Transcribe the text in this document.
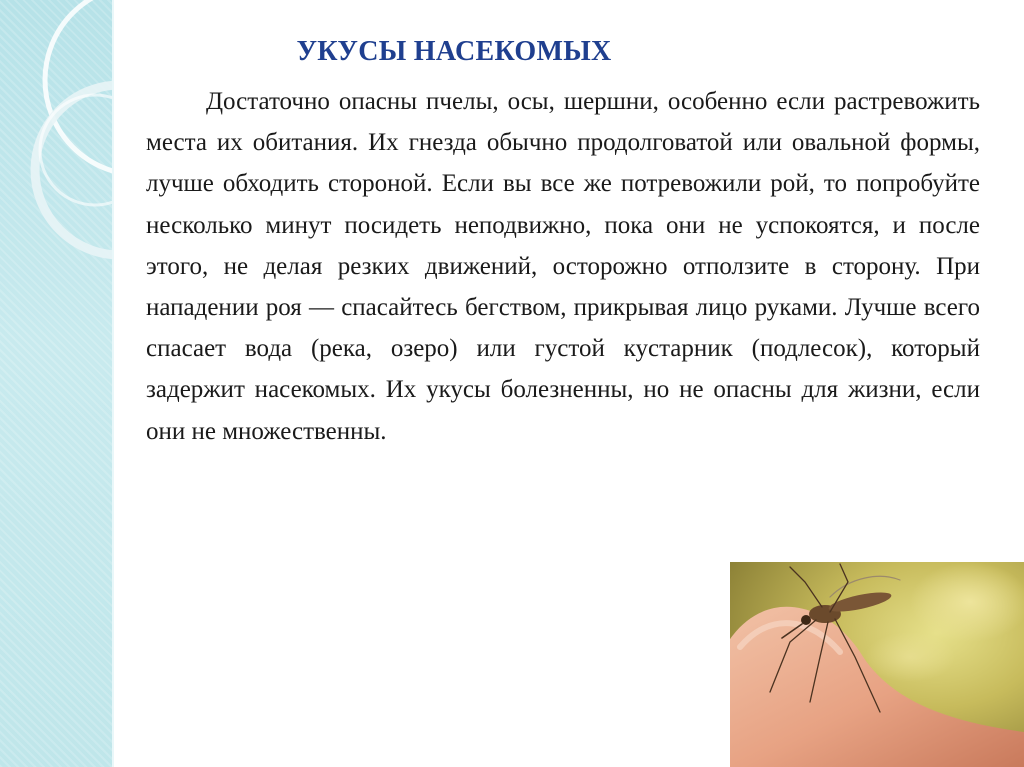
УКУСЫ НАСЕКОМЫХ

Достаточно опасны пчелы, осы, шершни, особенно если растревожить места их обитания. Их гнезда обычно продолговатой или овальной формы, лучше обходить стороной. Если вы все же потревожили рой, то попробуйте несколько минут посидеть неподвижно, пока они не успокоятся, и после этого, не делая резких движений, осторожно отползите в сторону. При нападении роя — спасайтесь бегством, прикрывая лицо руками. Лучше всего спасает вода (река, озеро) или густой кустарник (подлесок), который задержит насекомых. Их укусы болезненны, но не опасны для жизни, если они не множественны.
